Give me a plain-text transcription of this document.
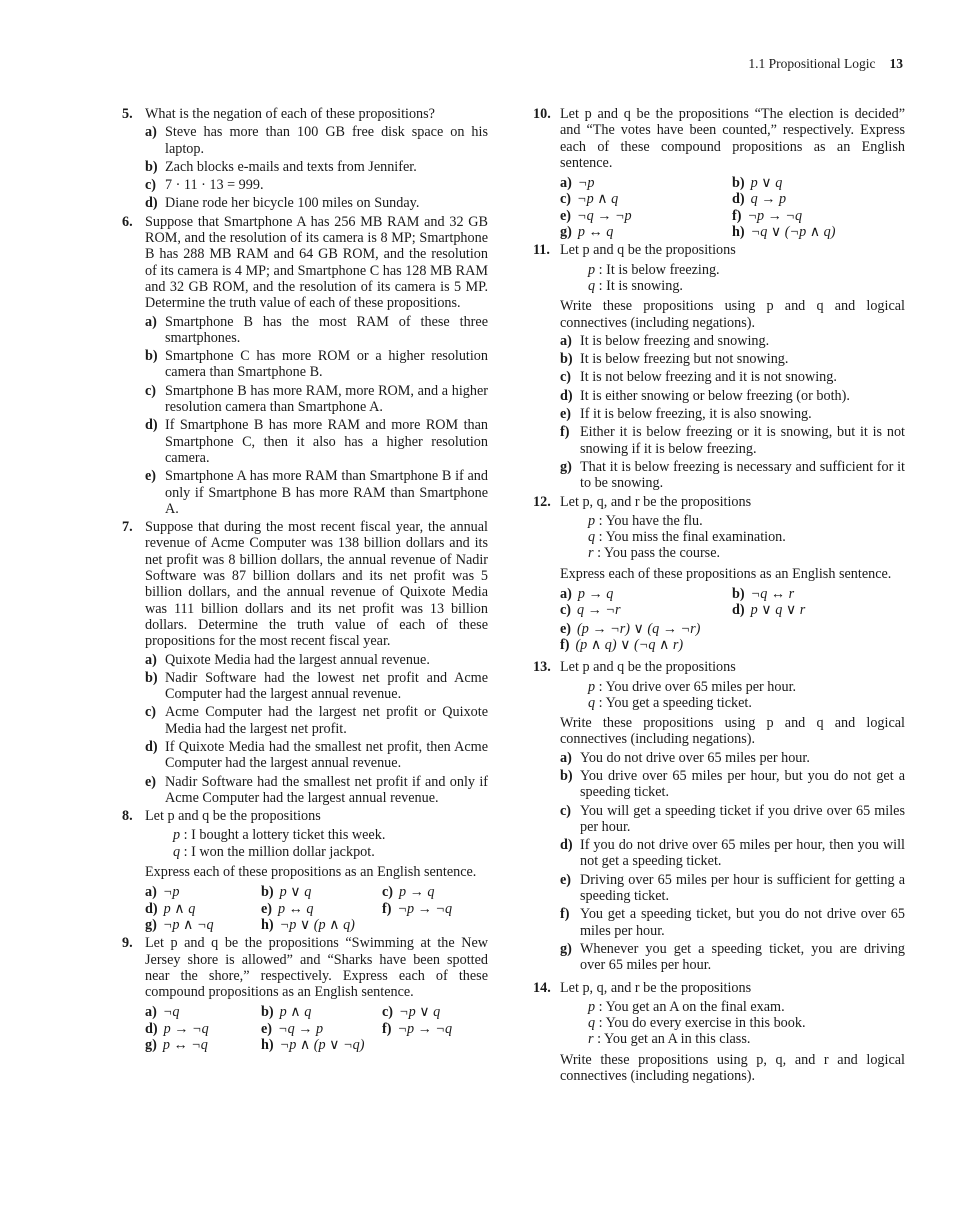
1.1 Propositional Logic 13
5. What is the negation of each of these propositions?
a) Steve has more than 100 GB free disk space on his laptop.
b) Zach blocks e-mails and texts from Jennifer.
c) 7 · 11 · 13 = 999.
d) Diane rode her bicycle 100 miles on Sunday.
6. Suppose that Smartphone A has 256 MB RAM and 32 GB ROM, and the resolution of its camera is 8 MP; Smartphone B has 288 MB RAM and 64 GB ROM, and the resolution of its camera is 4 MP; and Smartphone C has 128 MB RAM and 32 GB ROM, and the resolution of its camera is 5 MP. Determine the truth value of each of these propositions.
a) Smartphone B has the most RAM of these three smartphones.
b) Smartphone C has more ROM or a higher resolution camera than Smartphone B.
c) Smartphone B has more RAM, more ROM, and a higher resolution camera than Smartphone A.
d) If Smartphone B has more RAM and more ROM than Smartphone C, then it also has a higher resolution camera.
e) Smartphone A has more RAM than Smartphone B if and only if Smartphone B has more RAM than Smartphone A.
7. Suppose that during the most recent fiscal year, the annual revenue of Acme Computer was 138 billion dollars and its net profit was 8 billion dollars, the annual revenue of Nadir Software was 87 billion dollars and its net profit was 5 billion dollars, and the annual revenue of Quixote Media was 111 billion dollars and its net profit was 13 billion dollars. Determine the truth value of each of these propositions for the most recent fiscal year.
a) Quixote Media had the largest annual revenue.
b) Nadir Software had the lowest net profit and Acme Computer had the largest annual revenue.
c) Acme Computer had the largest net profit or Quixote Media had the largest net profit.
d) If Quixote Media had the smallest net profit, then Acme Computer had the largest annual revenue.
e) Nadir Software had the smallest net profit if and only if Acme Computer had the largest annual revenue.
8. Let p and q be the propositions
p : I bought a lottery ticket this week.
q : I won the million dollar jackpot.
Express each of these propositions as an English sentence.
a) ¬p	b) p ∨ q	c) p → q
d) p ∧ q	e) p ↔ q	f) ¬p → ¬q
g) ¬p ∧ ¬q	h) ¬p ∨ (p ∧ q)
9. Let p and q be the propositions “Swimming at the New Jersey shore is allowed” and “Sharks have been spotted near the shore,” respectively. Express each of these compound propositions as an English sentence.
a) ¬q	b) p ∧ q	c) ¬p ∨ q
d) p → ¬q	e) ¬q → p	f) ¬p → ¬q
g) p ↔ ¬q	h) ¬p ∧ (p ∨ ¬q)
10. Let p and q be the propositions “The election is decided” and “The votes have been counted,” respectively. Express each of these compound propositions as an English sentence.
a) ¬p	b) p ∨ q
c) ¬p ∧ q	d) q → p
e) ¬q → ¬p	f) ¬p → ¬q
g) p ↔ q	h) ¬q ∨ (¬p ∧ q)
11. Let p and q be the propositions
p : It is below freezing.
q : It is snowing.
Write these propositions using p and q and logical connectives (including negations).
a) It is below freezing and snowing.
b) It is below freezing but not snowing.
c) It is not below freezing and it is not snowing.
d) It is either snowing or below freezing (or both).
e) If it is below freezing, it is also snowing.
f) Either it is below freezing or it is snowing, but it is not snowing if it is below freezing.
g) That it is below freezing is necessary and sufficient for it to be snowing.
12. Let p, q, and r be the propositions
p : You have the flu.
q : You miss the final examination.
r : You pass the course.
Express each of these propositions as an English sentence.
a) p → q	b) ¬q ↔ r
c) q → ¬r	d) p ∨ q ∨ r
e) (p → ¬r) ∨ (q → ¬r)
f) (p ∧ q) ∨ (¬q ∧ r)
13. Let p and q be the propositions
p : You drive over 65 miles per hour.
q : You get a speeding ticket.
Write these propositions using p and q and logical connectives (including negations).
a) You do not drive over 65 miles per hour.
b) You drive over 65 miles per hour, but you do not get a speeding ticket.
c) You will get a speeding ticket if you drive over 65 miles per hour.
d) If you do not drive over 65 miles per hour, then you will not get a speeding ticket.
e) Driving over 65 miles per hour is sufficient for getting a speeding ticket.
f) You get a speeding ticket, but you do not drive over 65 miles per hour.
g) Whenever you get a speeding ticket, you are driving over 65 miles per hour.
14. Let p, q, and r be the propositions
p : You get an A on the final exam.
q : You do every exercise in this book.
r : You get an A in this class.
Write these propositions using p, q, and r and logical connectives (including negations).
